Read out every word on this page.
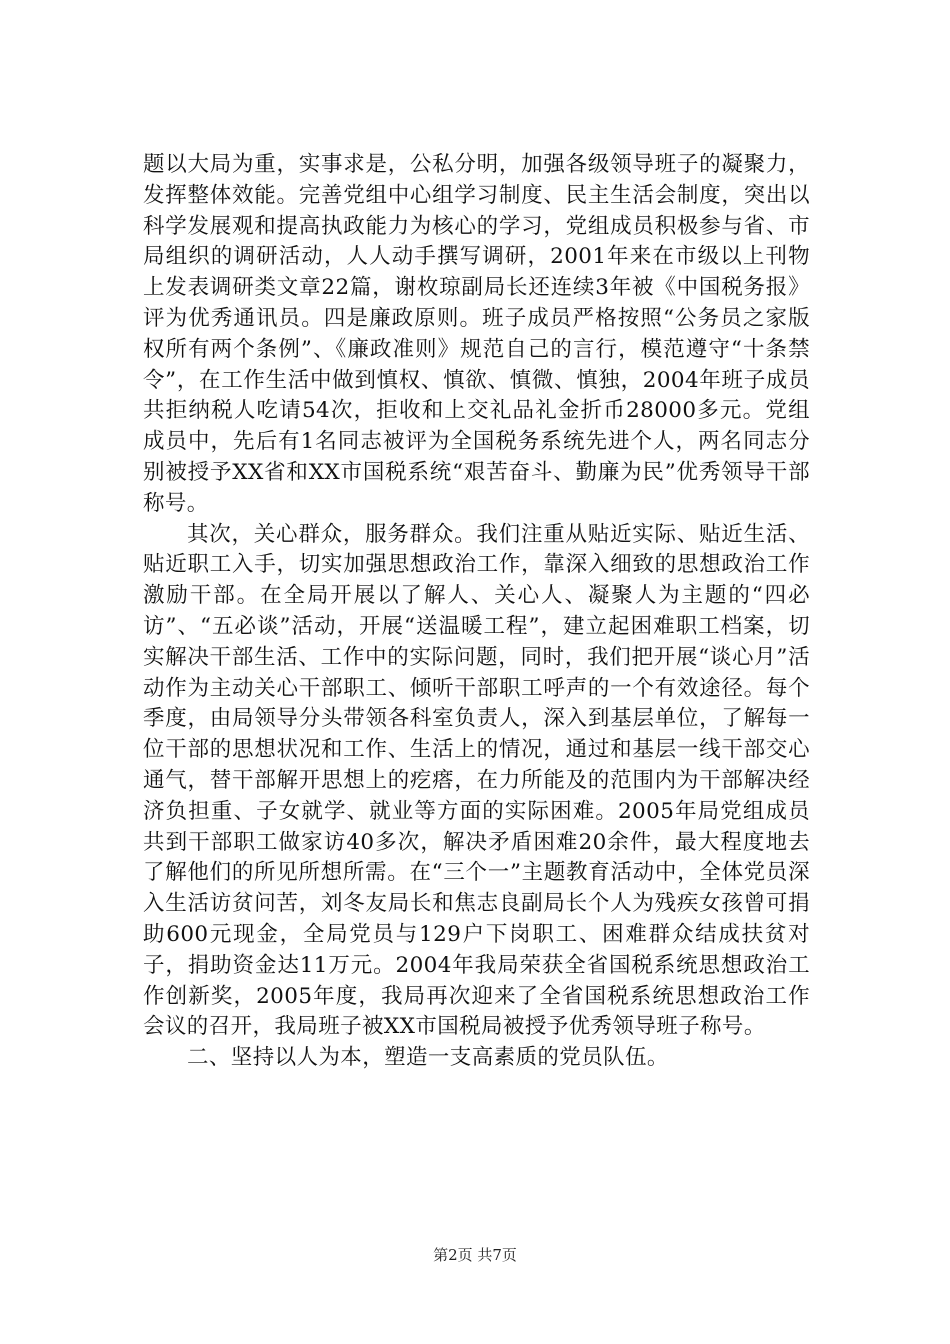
题以大局为重，实事求是，公私分明，加强各级领导班子的凝聚力，发挥整体效能。完善党组中心组学习制度、民主生活会制度，突出以科学发展观和提高执政能力为核心的学习，党组成员积极参与省、市局组织的调研活动，人人动手撰写调研，2001年来在市级以上刊物上发表调研类文章22篇，谢枚琼副局长还连续3年被《中国税务报》评为优秀通讯员。四是廉政原则。班子成员严格按照“公务员之家版权所有两个条例”、《廉政准则》规范自己的言行，模范遵守“十条禁令”，在工作生活中做到慎权、慎欲、慎微、慎独，2004年班子成员共拒纳税人吃请54次，拒收和上交礼品礼金折币28000多元。党组成员中，先后有1名同志被评为全国税务系统先进个人，两名同志分别被授予XX省和XX市国税系统“艰苦奋斗、勤廉为民”优秀领导干部称号。

其次，关心群众，服务群众。我们注重从贴近实际、贴近生活、贴近职工入手，切实加强思想政治工作，靠深入细致的思想政治工作激励干部。在全局开展以了解人、关心人、凝聚人为主题的“四必访”、“五必谈”活动，开展“送温暖工程”，建立起困难职工档案，切实解决干部生活、工作中的实际问题，同时，我们把开展“谈心月”活动作为主动关心干部职工、倾听干部职工呼声的一个有效途径。每个季度，由局领导分头带领各科室负责人，深入到基层单位，了解每一位干部的思想状况和工作、生活上的情况，通过和基层一线干部交心通气，替干部解开思想上的疙瘩，在力所能及的范围内为干部解决经济负担重、子女就学、就业等方面的实际困难。2005年局党组成员共到干部职工做家访40多次，解决矛盾困难20余件，最大程度地去了解他们的所见所想所需。在“三个一”主题教育活动中，全体党员深入生活访贫问苦，刘冬友局长和焦志良副局长个人为残疾女孩曾可捐助600元现金，全局党员与129户下岗职工、困难群众结成扶贫对子，捐助资金达11万元。2004年我局荣获全省国税系统思想政治工作创新奖，2005年度，我局再次迎来了全省国税系统思想政治工作会议的召开，我局班子被XX市国税局被授予优秀领导班子称号。

二、坚持以人为本，塑造一支高素质的党员队伍。

第2页 共7页
